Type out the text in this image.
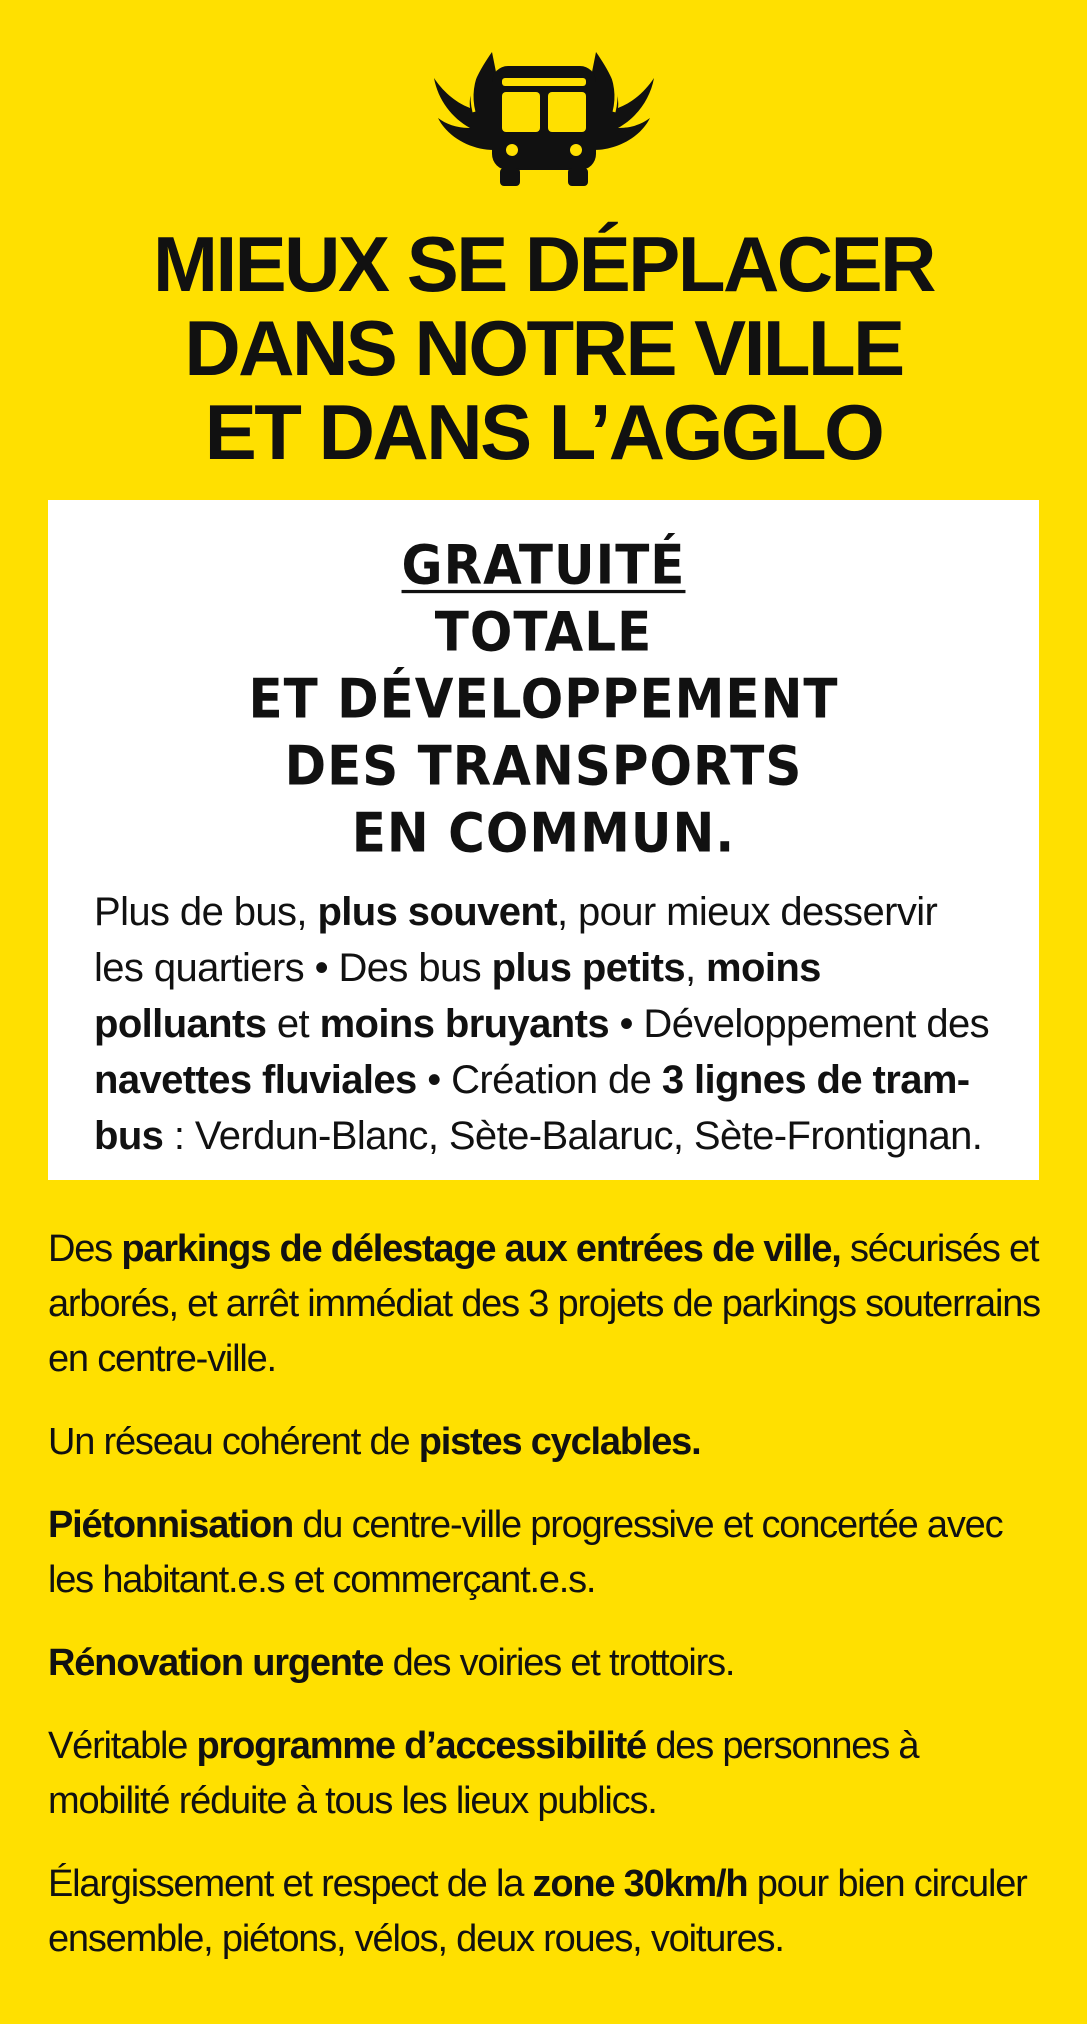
MIEUX SE DÉPLACER
DANS NOTRE VILLE
ET DANS L’AGGLO
GRATUITÉ
TOTALE
ET DÉVELOPPEMENT
DES TRANSPORTS
EN COMMUN.

Plus de bus, plus souvent, pour mieux desservir les quartiers • Des bus plus petits, moins polluants et moins bruyants • Développement des navettes fluviales • Création de 3 lignes de tram-bus : Verdun-Blanc, Sète-Balaruc, Sète-Frontignan.

Des parkings de délestage aux entrées de ville, sécurisés et arborés, et arrêt immédiat des 3 projets de parkings souterrains en centre-ville.

Un réseau cohérent de pistes cyclables.

Piétonnisation du centre-ville progressive et concertée avec les habitant.e.s et commerçant.e.s.

Rénovation urgente des voiries et trottoirs.

Véritable programme d’accessibilité des personnes à mobilité réduite à tous les lieux publics.

Élargissement et respect de la zone 30km/h pour bien circuler ensemble, piétons, vélos, deux roues, voitures.
